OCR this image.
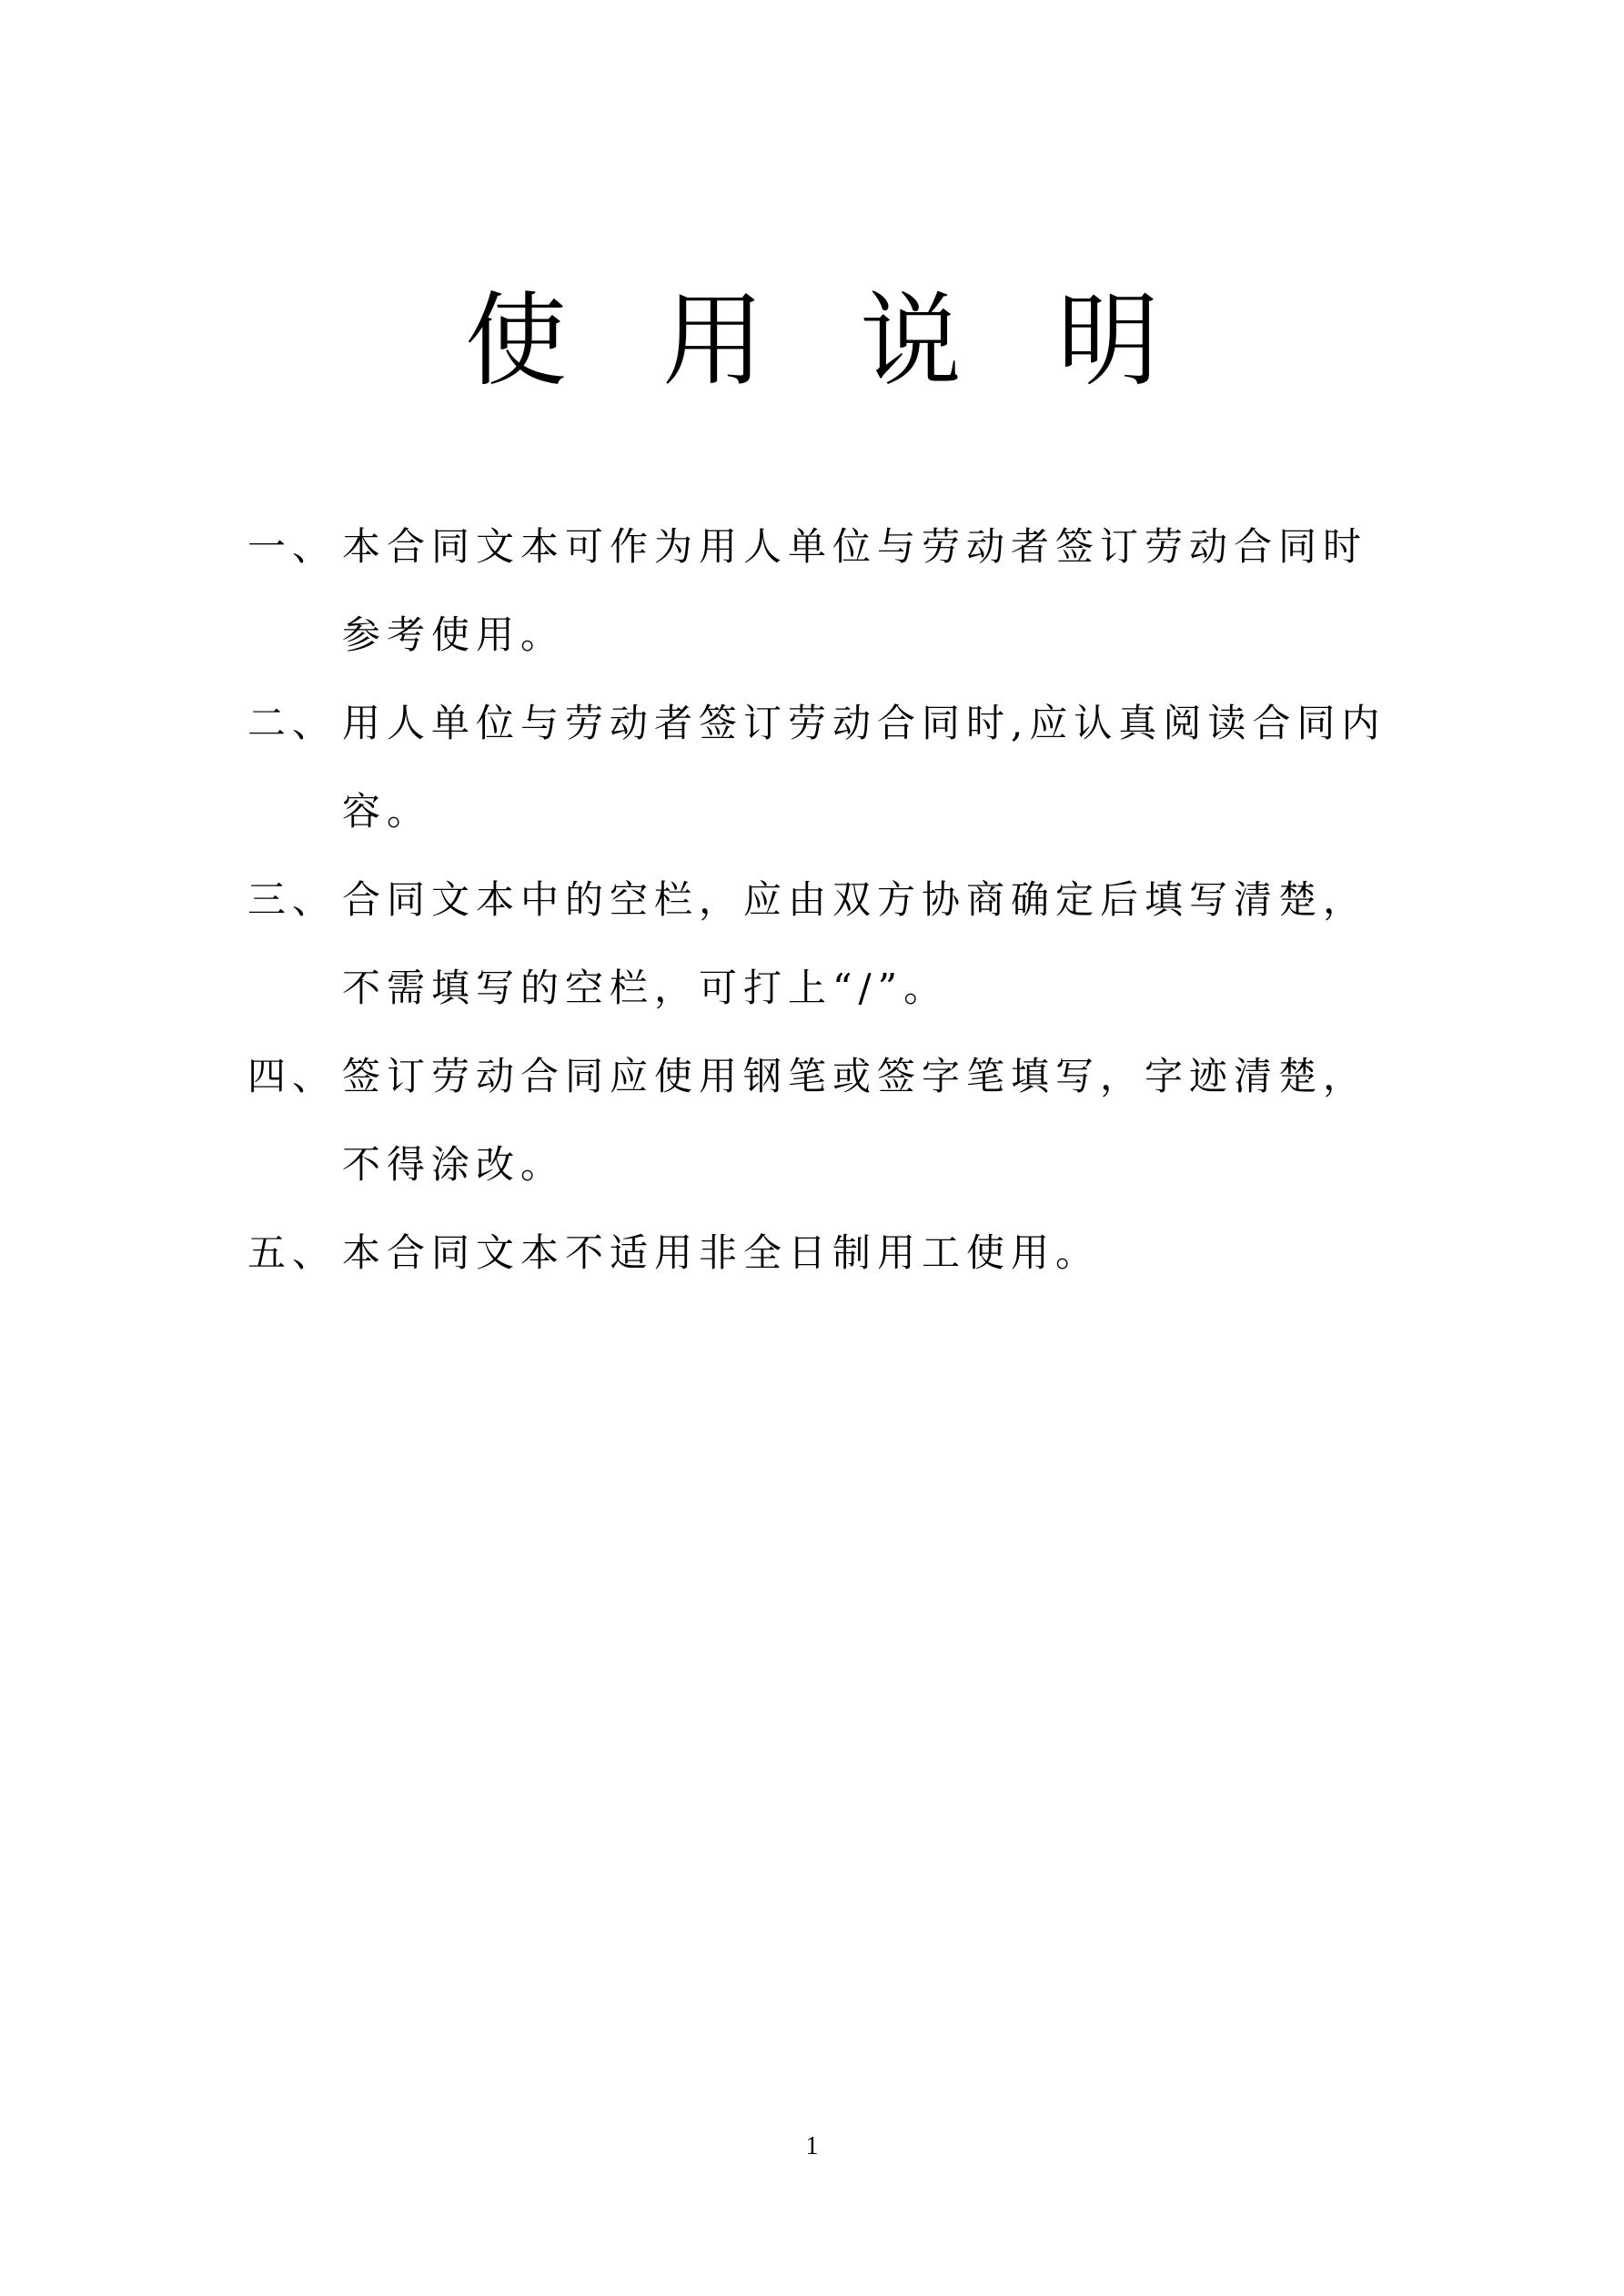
使用说明
一、 本合同文本可作为用人单位与劳动者签订劳动合同时参考使用。
二、 用人单位与劳动者签订劳动合同时,应认真阅读合同内容。
三、 合同文本中的空栏，应由双方协商确定后填写清楚，不需填写的空栏，可打上“/”。
四、 签订劳动合同应使用钢笔或签字笔填写，字迹清楚，不得涂改。
五、 本合同文本不适用非全日制用工使用。

1
